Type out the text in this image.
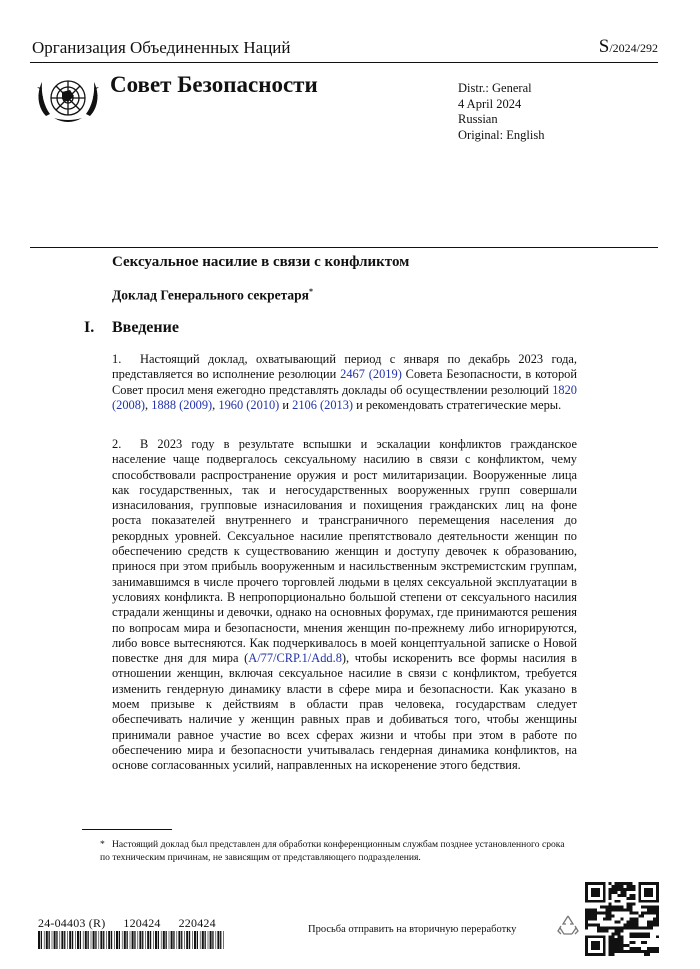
Организация Объединенных Наций	S/2024/292
Совет Безопасности	Distr.: General
4 April 2024
Russian
Original: English
Сексуальное насилие в связи с конфликтом
Доклад Генерального секретаря*
I. Введение

1. Настоящий доклад, охватывающий период с января по декабрь 2023 года, представляется во исполнение резолюции 2467 (2019) Совета Безопасности, в которой Совет просил меня ежегодно представлять доклады об осуществлении резолюций 1820 (2008), 1888 (2009), 1960 (2010) и 2106 (2013) и рекомендовать стратегические меры.

2. В 2023 году в результате вспышки и эскалации конфликтов гражданское население чаще подвергалось сексуальному насилию в связи с конфликтом, чему способствовали распространение оружия и рост милитаризации. Вооруженные лица как государственных, так и негосударственных вооруженных групп совершали изнасилования, групповые изнасилования и похищения гражданских лиц на фоне роста показателей внутреннего и трансграничного перемещения населения до рекордных уровней. Сексуальное насилие препятствовало деятельности женщин по обеспечению средств к существованию женщин и доступу девочек к образованию, принося при этом прибыль вооруженным и насильственным экстремистским группам, занимавшимся в числе прочего торговлей людьми в целях сексуальной эксплуатации в условиях конфликта. В непропорционально большой степени от сексуального насилия страдали женщины и девочки, однако на основных форумах, где принимаются решения по вопросам мира и безопасности, мнения женщин по-прежнему либо игнорируются, либо вовсе вытесняются. Как подчеркивалось в моей концептуальной записке о Новой повестке дня для мира (A/77/CRP.1/Add.8), чтобы искоренить все формы насилия в отношении женщин, включая сексуальное насилие в связи с конфликтом, требуется изменить гендерную динамику власти в сфере мира и безопасности. Как указано в моем призыве к действиям в области прав человека, государствам следует обеспечивать наличие у женщин равных прав и добиваться того, чтобы женщины принимали равное участие во всех сферах жизни и чтобы при этом в работе по обеспечению мира и безопасности учитывалась гендерная динамика конфликтов, на основе согласованных усилий, направленных на искоренение этого бедствия.

* Настоящий доклад был представлен для обработки конференционным службам позднее установленного срока по техническим причинам, не зависящим от представляющего подразделения.
24-04403 (R) 120424 220424	Просьба отправить на вторичную переработку
